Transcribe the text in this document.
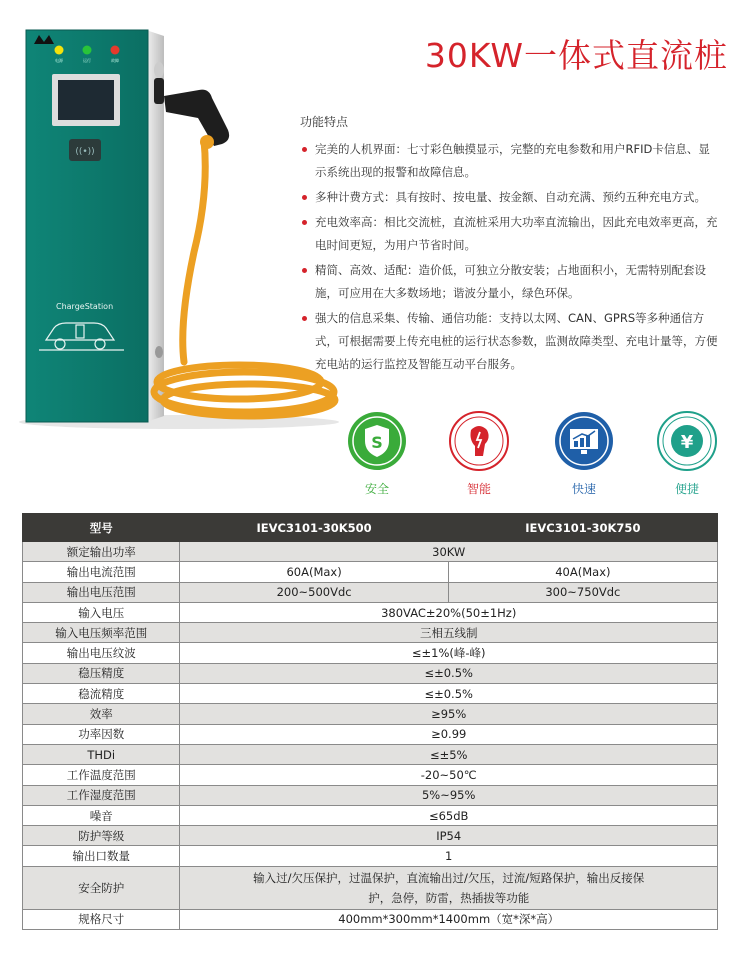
30KW一体式直流桩
电源	运行	故障
((•))
ChargeStation
功能特点
完美的人机界面：七寸彩色触摸显示，完整的充电参数和用户RFID卡信息、显示系统出现的报警和故障信息。
多种计费方式：具有按时、按电量、按金额、自动充满、预约五种充电方式。
充电效率高：相比交流桩，直流桩采用大功率直流输出，因此充电效率更高，充电时间更短，为用户节省时间。
精简、高效、适配：造价低，可独立分散安装；占地面积小，无需特别配套设施，可应用在大多数场地；谐波分量小，绿色环保。
强大的信息采集、传输、通信功能：支持以太网、CAN、GPRS等多种通信方式，可根据需要上传充电桩的运行状态参数，监测故障类型、充电计量等，方便充电站的运行监控及智能互动平台服务。
S
安全	智能	快速
¥
便捷
型号	IEVC3101-30K500	IEVC3101-30K750
额定输出功率	30KW	
输出电流范围	60A(Max)	40A(Max)
输出电压范围	200~500Vdc	300~750Vdc
输入电压	380VAC±20%(50±1Hz)	
输入电压频率范围	三相五线制	
输出电压纹波	≤±1%(峰-峰)	
稳压精度	≤±0.5%	
稳流精度	≤±0.5%	
效率	≥95%	
功率因数	≥0.99	
THDi	≤±5%	
工作温度范围	-20~50℃	
工作湿度范围	5%~95%	
噪音	≤65dB	
防护等级	IP54	
输出口数量	1	
安全防护	输入过/欠压保护，过温保护，直流输出过/欠压，过流/短路保护，输出反接保护，急停，防雷，热插拔等功能	
规格尺寸	400mm*300mm*1400mm（宽*深*高）	
